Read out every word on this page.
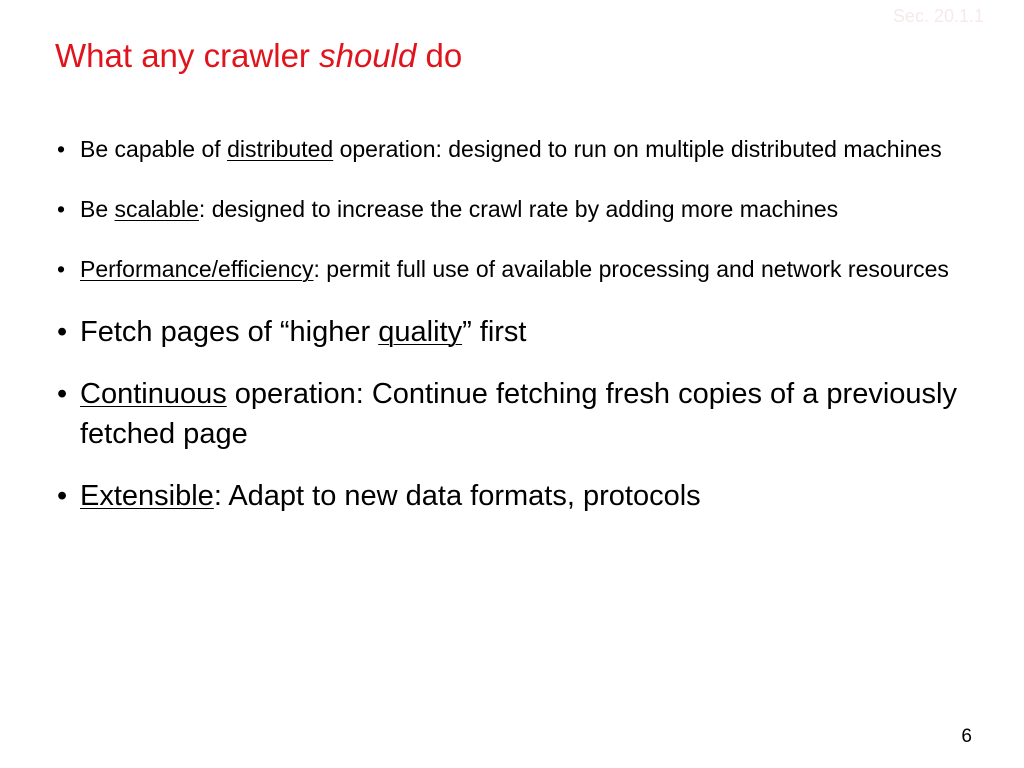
Sec. 20.1.1
What any crawler should do
• Be capable of distributed operation: designed to run on multiple distributed machines
• Be scalable: designed to increase the crawl rate by adding more machines
• Performance/efficiency: permit full use of available processing and network resources
• Fetch pages of “higher quality” first
• Continuous operation: Continue fetching fresh copies of a previously fetched page
• Extensible: Adapt to new data formats, protocols
6
